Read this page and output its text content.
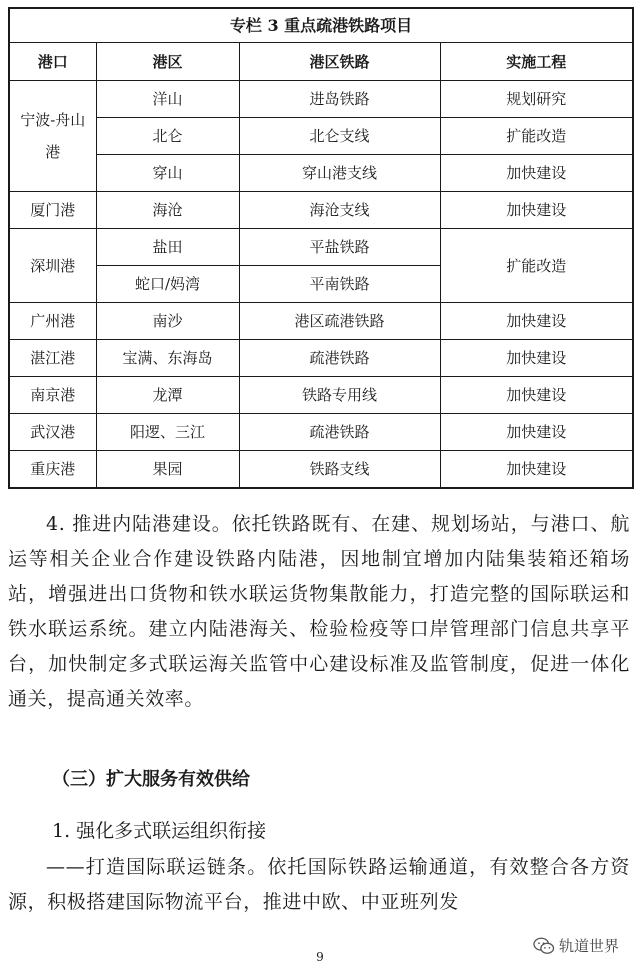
专栏 3 重点疏港铁路项目			
港口	港区	港区铁路	实施工程
宁波-舟山港	洋山	进岛铁路	规划研究
	北仑	北仑支线	扩能改造
	穿山	穿山港支线	加快建设
厦门港	海沧	海沧支线	加快建设
深圳港	盐田	平盐铁路	扩能改造
	蛇口/妈湾	平南铁路	
广州港	南沙	港区疏港铁路	加快建设
湛江港	宝满、东海岛	疏港铁路	加快建设
南京港	龙潭	铁路专用线	加快建设
武汉港	阳逻、三江	疏港铁路	加快建设
重庆港	果园	铁路支线	加快建设

4. 推进内陆港建设。依托铁路既有、在建、规划场站，与港口、航运等相关企业合作建设铁路内陆港，因地制宜增加内陆集装箱还箱场站，增强进出口货物和铁水联运货物集散能力，打造完整的国际联运和铁水联运系统。建立内陆港海关、检验检疫等口岸管理部门信息共享平台，加快制定多式联运海关监管中心建设标准及监管制度，促进一体化通关，提高通关效率。

（三）扩大服务有效供给

1. 强化多式联运组织衔接

——打造国际联运链条。依托国际铁路运输通道，有效整合各方资源，积极搭建国际物流平台，推进中欧、中亚班列发

9
轨道世界
